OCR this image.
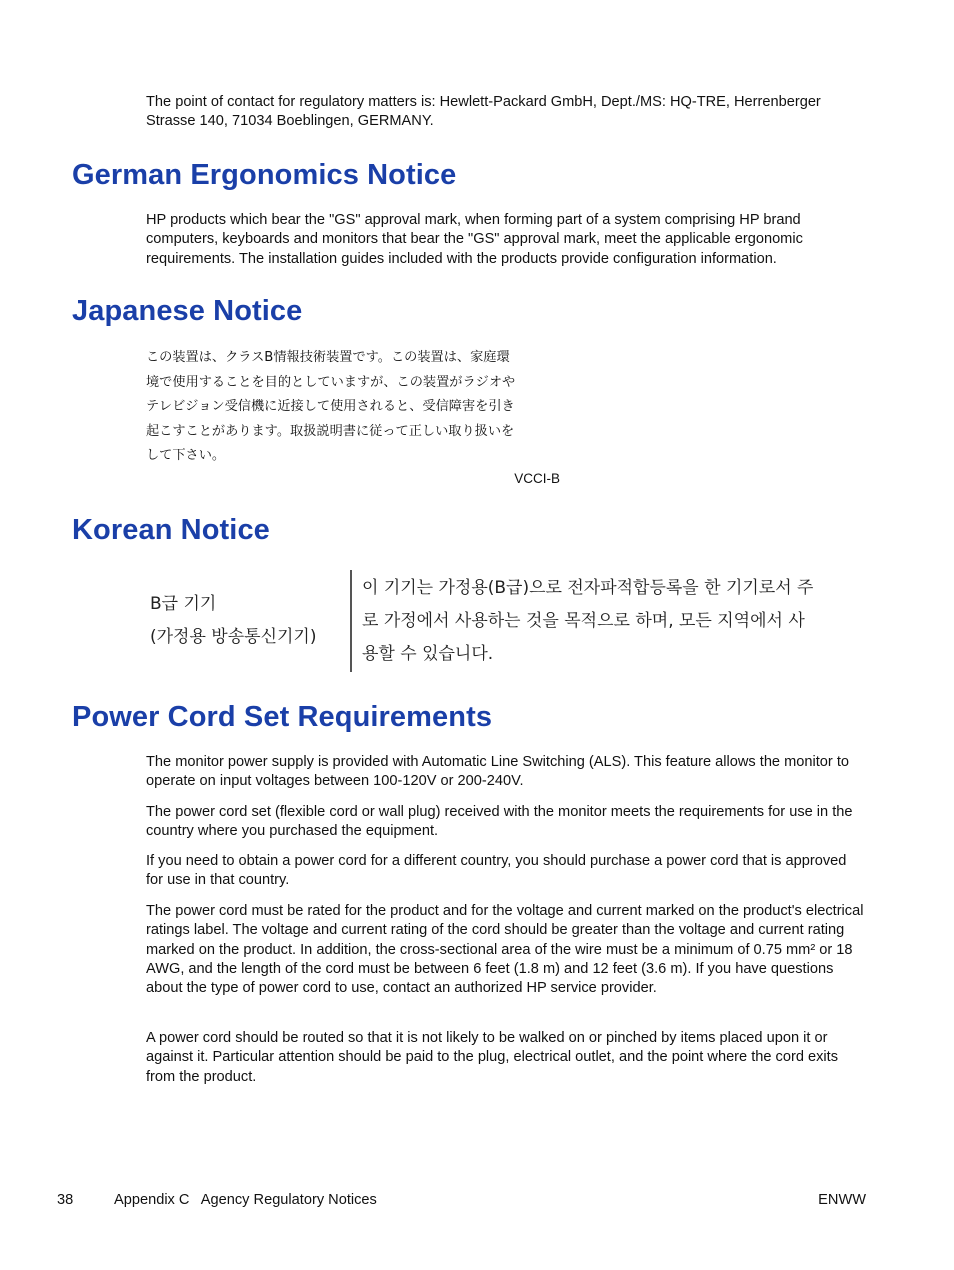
The point of contact for regulatory matters is: Hewlett-Packard GmbH, Dept./MS: HQ-TRE, Herrenberger Strasse 140, 71034 Boeblingen, GERMANY.

German Ergonomics Notice

HP products which bear the "GS" approval mark, when forming part of a system comprising HP brand computers, keyboards and monitors that bear the "GS" approval mark, meet the applicable ergonomic requirements. The installation guides included with the products provide configuration information.

Japanese Notice
この装置は、クラスB情報技術装置です。この装置は、家庭環
境で使用することを目的としていますが、この装置がラジオや
テレビジョン受信機に近接して使用されると、受信障害を引き
起こすことがあります。取扱説明書に従って正しい取り扱いを
して下さい。
VCCI-B
Korean Notice
B급 기기
(가정용 방송통신기기)
이 기기는 가정용(B급)으로 전자파적합등록을 한 기기로서 주
로 가정에서 사용하는 것을 목적으로 하며, 모든 지역에서 사
용할 수 있습니다.
Power Cord Set Requirements

The monitor power supply is provided with Automatic Line Switching (ALS). This feature allows the monitor to operate on input voltages between 100-120V or 200-240V.

The power cord set (flexible cord or wall plug) received with the monitor meets the requirements for use in the country where you purchased the equipment.

If you need to obtain a power cord for a different country, you should purchase a power cord that is approved for use in that country.

The power cord must be rated for the product and for the voltage and current marked on the product's electrical ratings label. The voltage and current rating of the cord should be greater than the voltage and current rating marked on the product. In addition, the cross-sectional area of the wire must be a minimum of 0.75 mm² or 18 AWG, and the length of the cord must be between 6 feet (1.8 m) and 12 feet (3.6 m). If you have questions about the type of power cord to use, contact an authorized HP service provider.

A power cord should be routed so that it is not likely to be walked on or pinched by items placed upon it or against it. Particular attention should be paid to the plug, electrical outlet, and the point where the cord exits from the product.

38	Appendix C   Agency Regulatory Notices	ENWW
